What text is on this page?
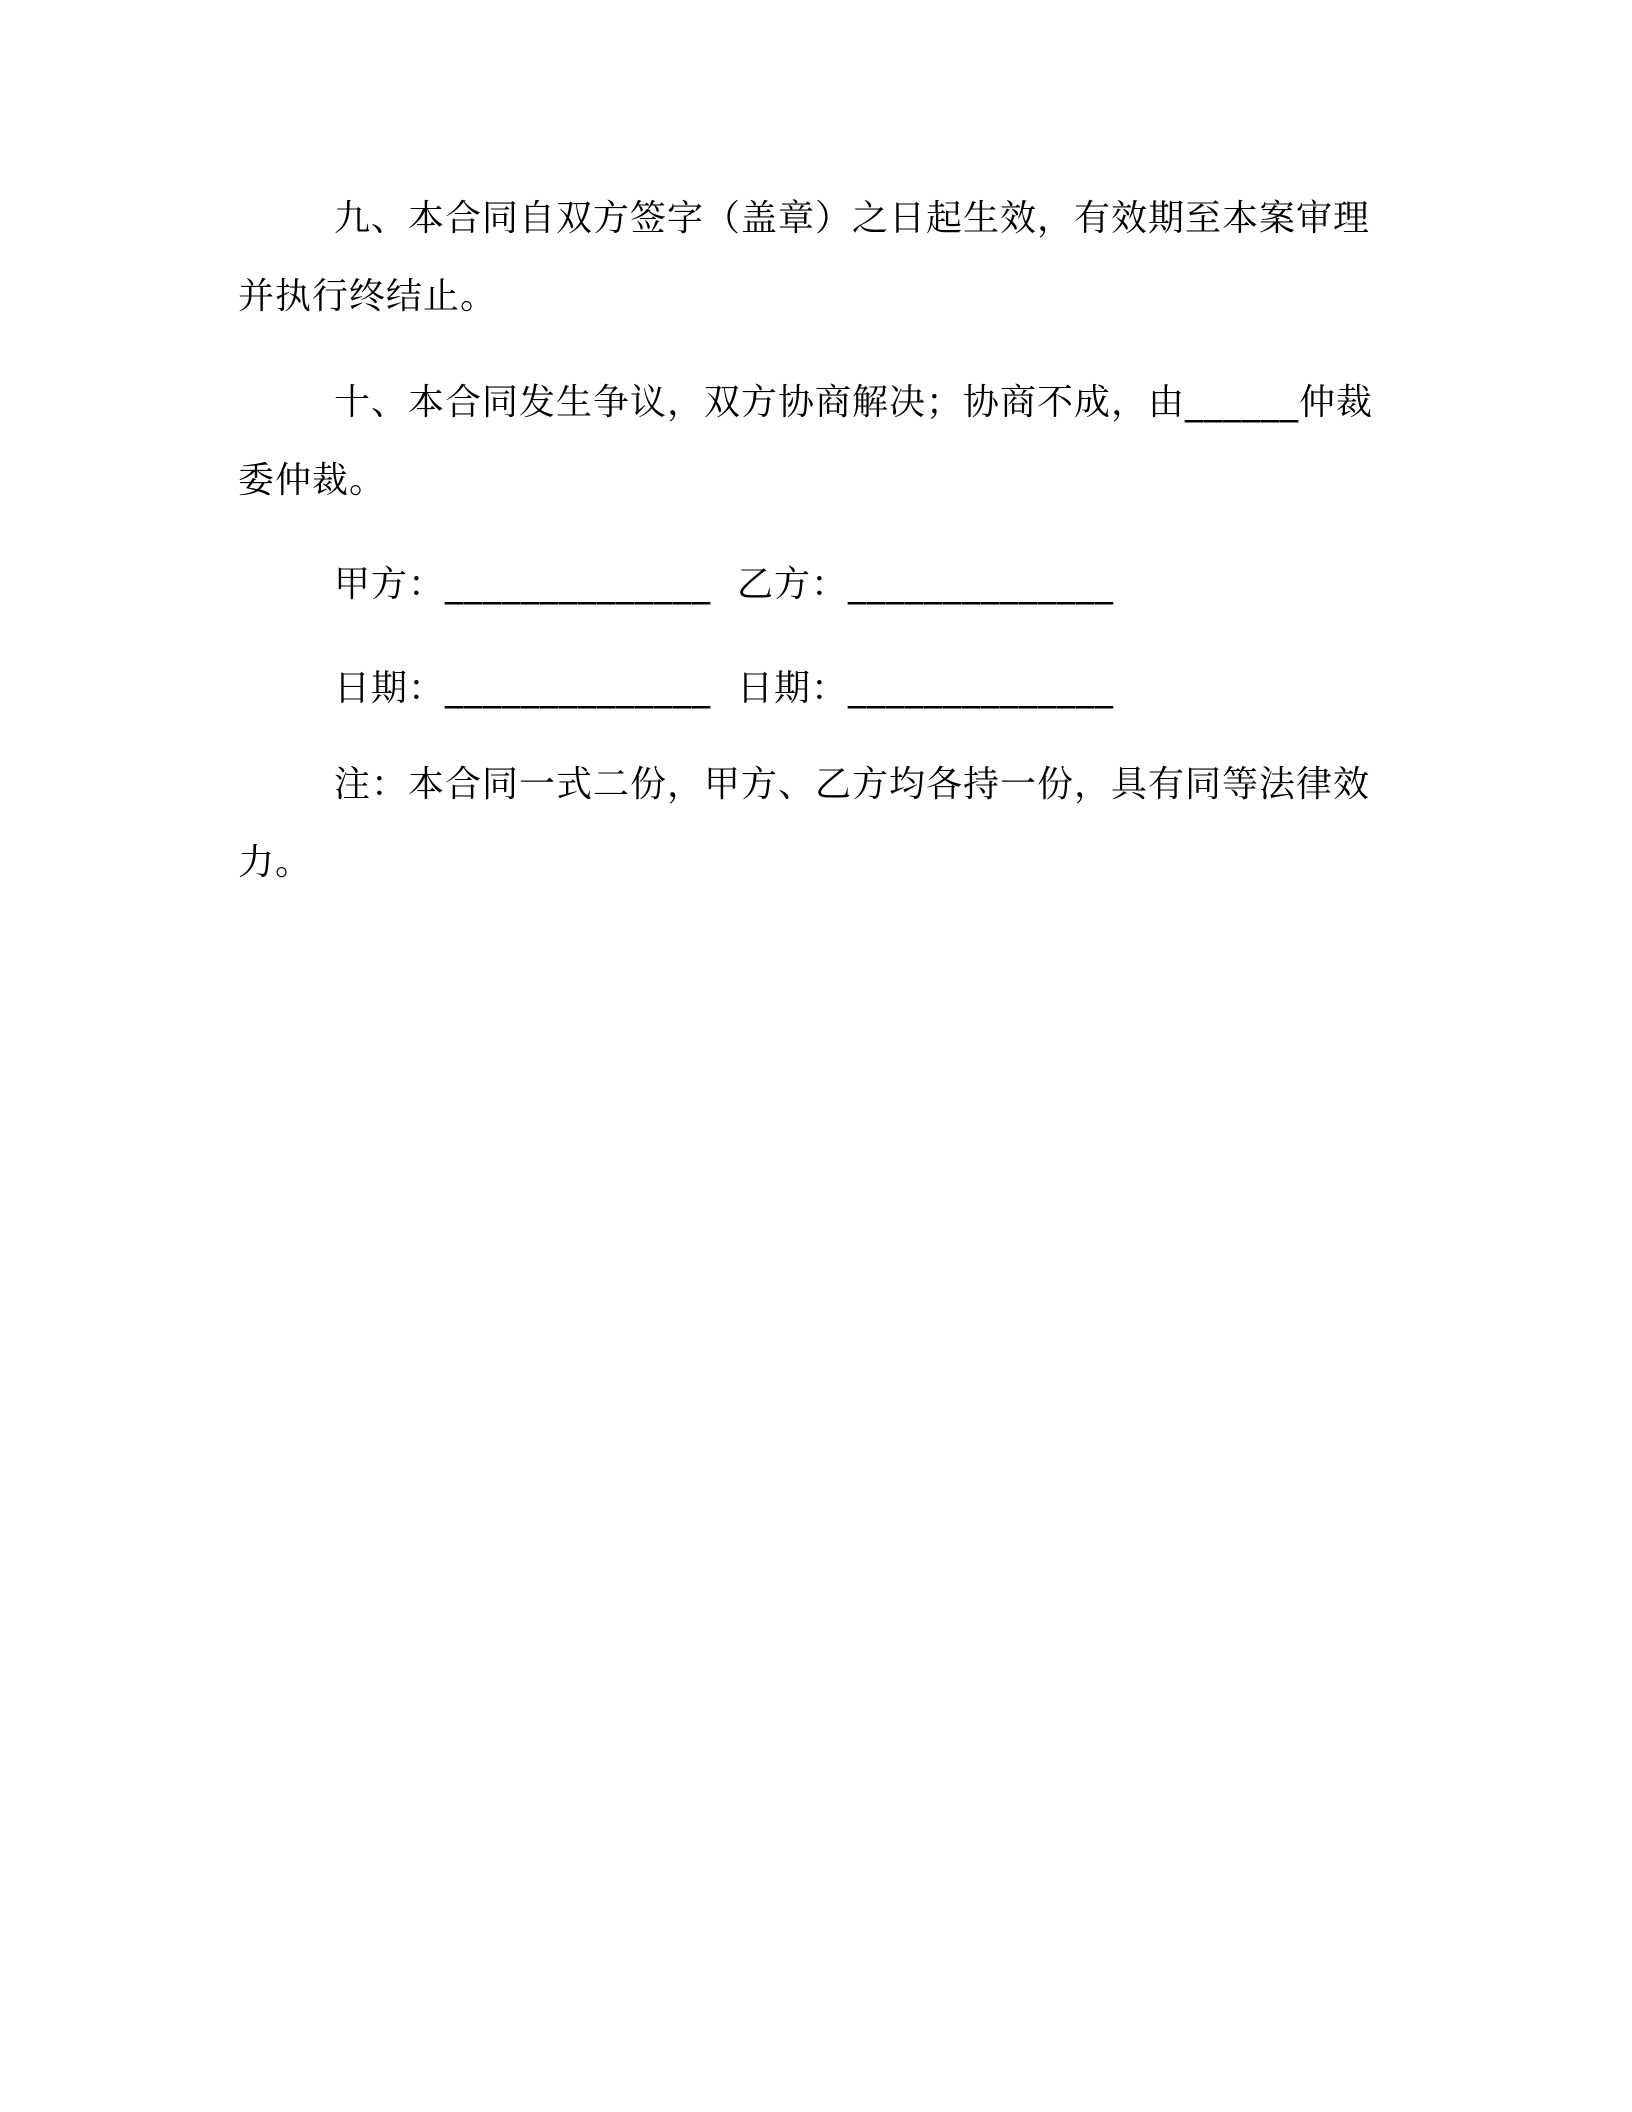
九、本合同自双方签字（盖章）之日起生效，有效期至本案审理并执行终结止。

十、本合同发生争议，双方协商解决；协商不成，由______仲裁委仲裁。

甲方：______________ 乙方：______________
日期：______________ 日期：______________

注：本合同一式二份，甲方、乙方均各持一份，具有同等法律效力。
